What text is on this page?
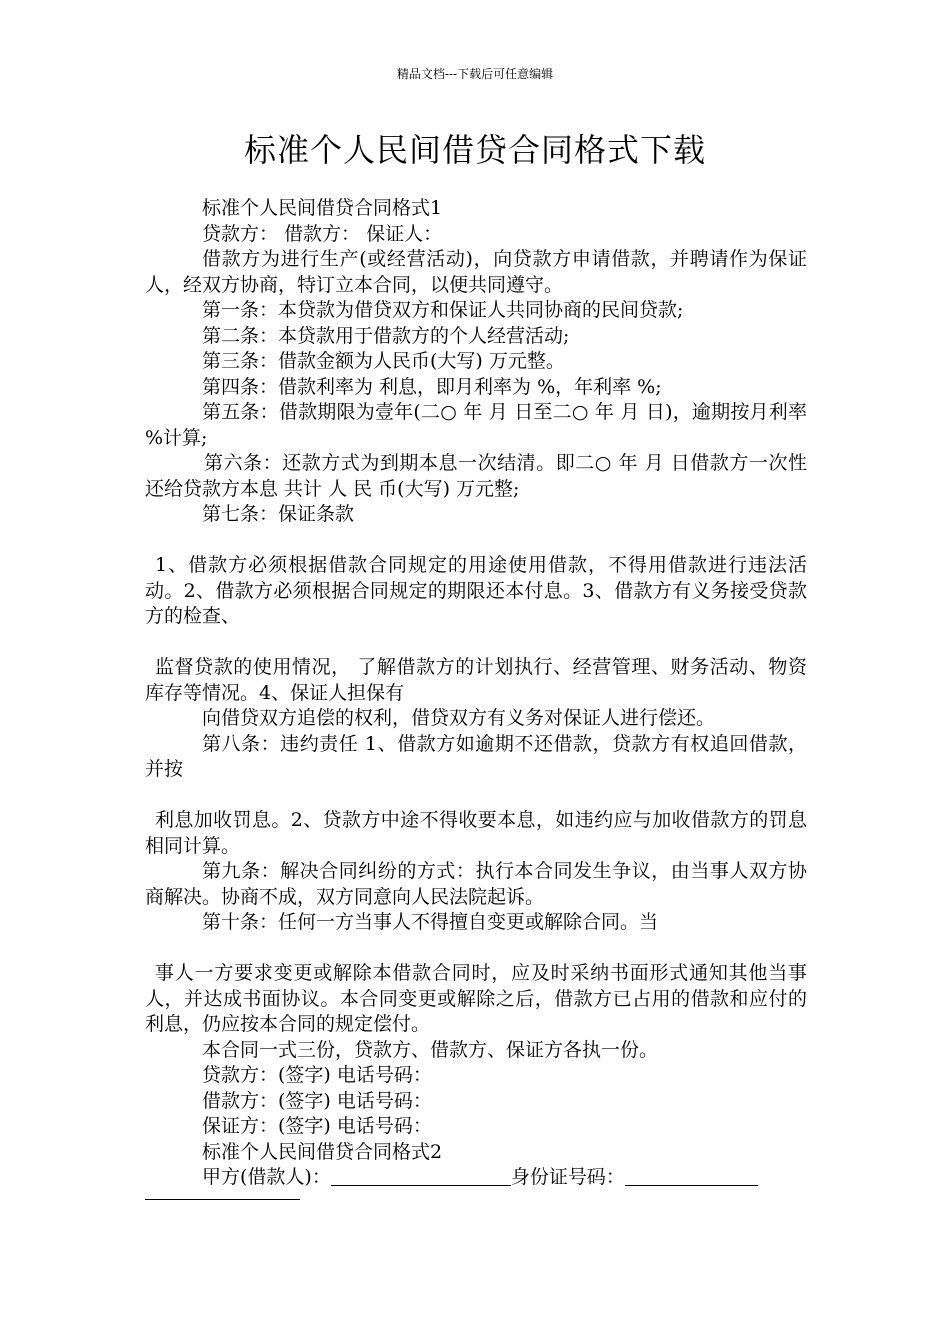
精品文档---下载后可任意编辑
标准个人民间借贷合同格式下载

标准个人民间借贷合同格式1

贷款方： 借款方： 保证人：

借款方为进行生产(或经营活动)，向贷款方申请借款，并聘请作为保证人，经双方协商，特订立本合同，以便共同遵守。

第一条：本贷款为借贷双方和保证人共同协商的民间贷款;

第二条：本贷款用于借款方的个人经营活动;

第三条：借款金额为人民币(大写) 万元整。

第四条：借款利率为 利息，即月利率为 %，年利率 %;

第五条：借款期限为壹年(二○ 年 月 日至二○ 年 月 日)，逾期按月利率 %计算;

第六条：还款方式为到期本息一次结清。即二○ 年 月 日借款方一次性还给贷款方本息 共计 人 民 币(大写) 万元整;

第七条：保证条款

1、借款方必须根据借款合同规定的用途使用借款，不得用借款进行违法活动。2、借款方必须根据合同规定的期限还本付息。3、借款方有义务接受贷款方的检查、

监督贷款的使用情况， 了解借款方的计划执行、经营管理、财务活动、物资库存等情况。4、保证人担保有

向借贷双方追偿的权利，借贷双方有义务对保证人进行偿还。

第八条：违约责任 1、借款方如逾期不还借款，贷款方有权追回借款，并按

利息加收罚息。2、贷款方中途不得收要本息，如违约应与加收借款方的罚息相同计算。

第九条：解决合同纠纷的方式：执行本合同发生争议，由当事人双方协商解决。协商不成，双方同意向人民法院起诉。

第十条：任何一方当事人不得擅自变更或解除合同。当

事人一方要求变更或解除本借款合同时，应及时采纳书面形式通知其他当事人，并达成书面协议。本合同变更或解除之后，借款方已占用的借款和应付的利息，仍应按本合同的规定偿付。

本合同一式三份，贷款方、借款方、保证方各执一份。

贷款方：(签字) 电话号码：

借款方：(签字) 电话号码：

保证方：(签字) 电话号码：

标准个人民间借贷合同格式2

甲方(借款人)：	身份证号码：
